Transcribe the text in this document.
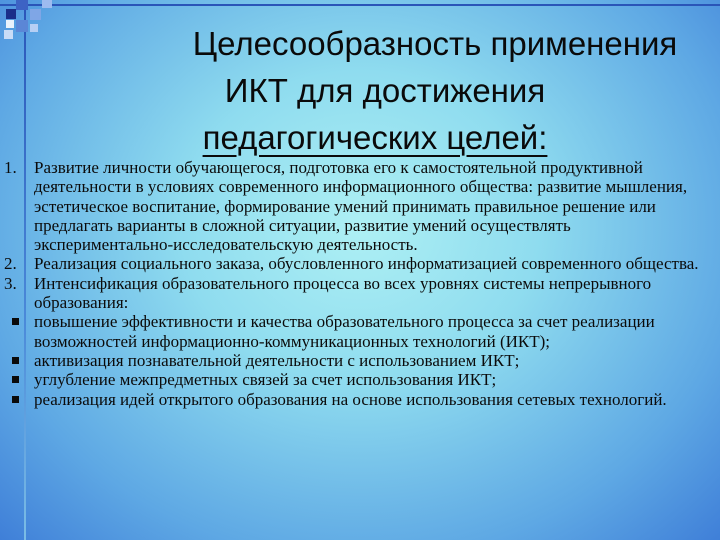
Целесообразность применения
ИКТ для достижения
педагогических целей:
1.	Развитие личности обучающегося, подготовка его к самостоятельной продуктивной деятельности в условиях современного информационного общества: развитие мышления, эстетическое воспитание, формирование умений принимать правильное решение или предлагать варианты в сложной ситуации, развитие умений осуществлять экспериментально-исследовательскую деятельность.
2.	Реализация социального заказа, обусловленного информатизацией современного общества.
3.	Интенсификация образовательного процесса во всех уровнях системы непрерывного образования:
повышение эффективности и качества образовательного процесса за счет реализации возможностей информационно-коммуникационных технологий (ИКТ);
активизация познавательной деятельности с использованием ИКТ;
углубление межпредметных связей за счет использования ИКТ;
реализация идей открытого образования на основе использования сетевых технологий.
